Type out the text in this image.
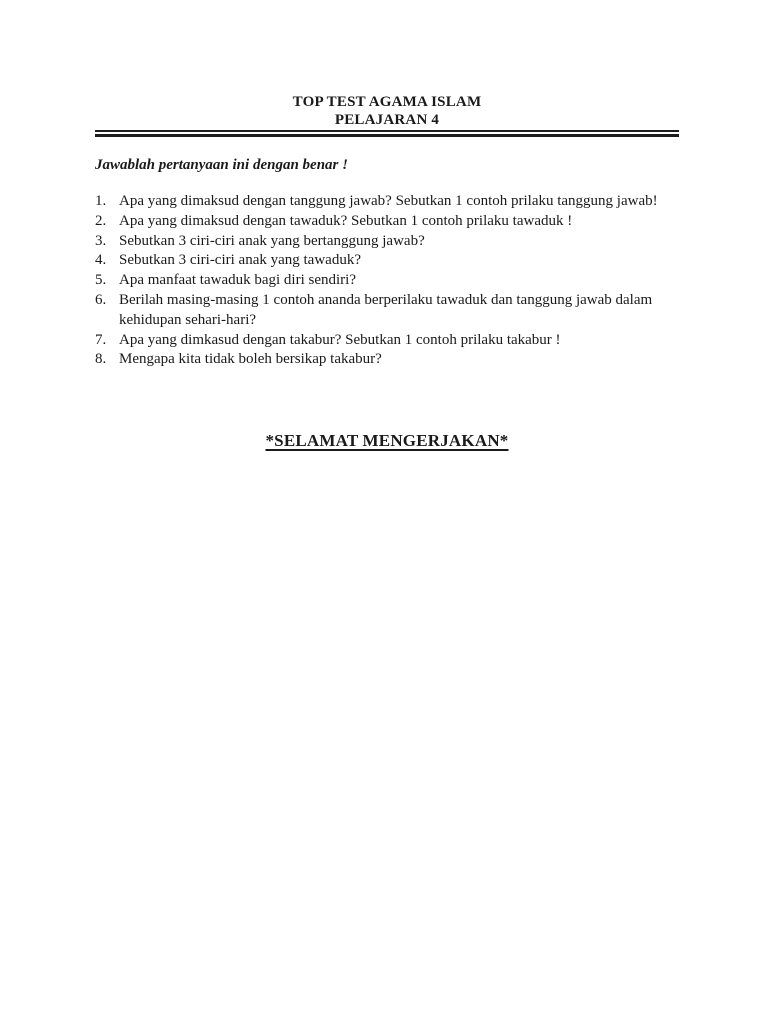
TOP TEST AGAMA ISLAM
PELAJARAN 4
Jawablah pertanyaan ini dengan benar !
Apa yang dimaksud dengan tanggung jawab? Sebutkan 1 contoh prilaku tanggung jawab!
Apa yang dimaksud dengan tawaduk? Sebutkan 1 contoh prilaku tawaduk !
Sebutkan 3 ciri-ciri anak yang bertanggung jawab?
Sebutkan 3 ciri-ciri anak yang tawaduk?
Apa manfaat tawaduk bagi diri sendiri?
Berilah masing-masing 1 contoh ananda berperilaku tawaduk dan tanggung jawab dalam kehidupan sehari-hari?
Apa yang dimkasud dengan takabur? Sebutkan 1 contoh prilaku takabur !
Mengapa kita tidak boleh bersikap takabur?
*SELAMAT MENGERJAKAN*
